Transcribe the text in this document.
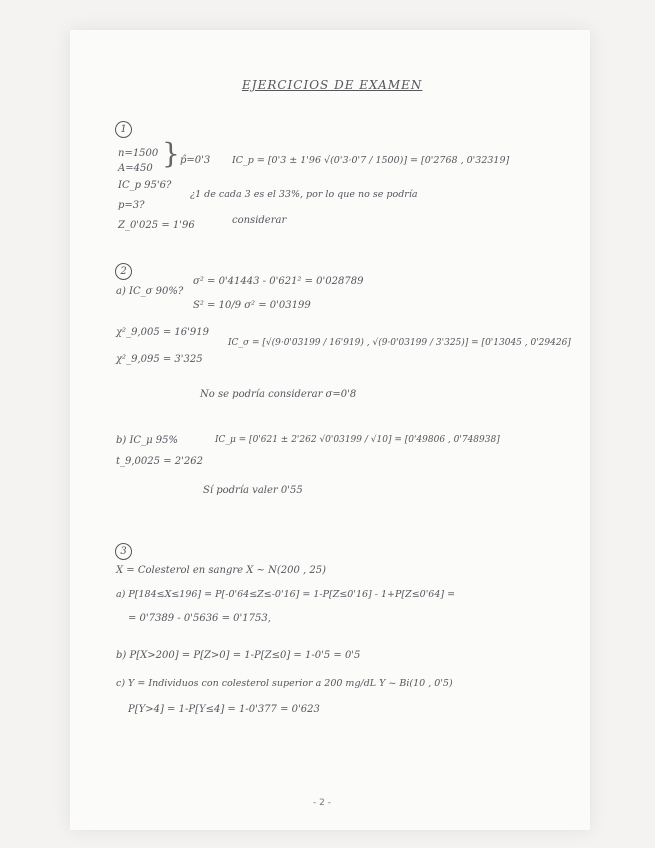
EJERCICIOS DE EXAMEN
1
n=1500
A=450 } p̂=0'3
IC_p 95'6?
p=3?
Z_0'025 = 1'96
IC_p = [0'3 ± 1'96 √(0'3·0'7 / 1500)] = [0'2768 , 0'32319]
¿1 de cada 3 es el 33%, por lo que no se podría
considerar
2
a) IC_σ 90%?
σ² = 0'41443 - 0'621² = 0'028789
S² = 10/9 σ² = 0'03199
χ²_9,005 = 16'919
χ²_9,095 = 3'325
IC_σ = [√(9·0'03199 / 16'919) , √(9·0'03199 / 3'325)] = [0'13045 , 0'29426]
No se podría considerar σ=0'8
b) IC_μ 95%
t_9,0025 = 2'262
IC_μ = [0'621 ± 2'262 √0'03199 / √10] = [0'49806 , 0'748938]
Sí podría valer 0'55
3
X = Colesterol en sangre X ~ N(200 , 25)
a) P[184≤X≤196] = P[-0'64≤Z≤-0'16] = 1-P[Z≤0'16] - 1+P[Z≤0'64] =
= 0'7389 - 0'5636 = 0'1753,
b) P[X>200] = P[Z>0] = 1-P[Z≤0] = 1-0'5 = 0'5
c) Y = Individuos con colesterol superior a 200 mg/dL Y ~ Bi(10 , 0'5)
P[Y>4] = 1-P[Y≤4] = 1-0'377 = 0'623
- 2 -
